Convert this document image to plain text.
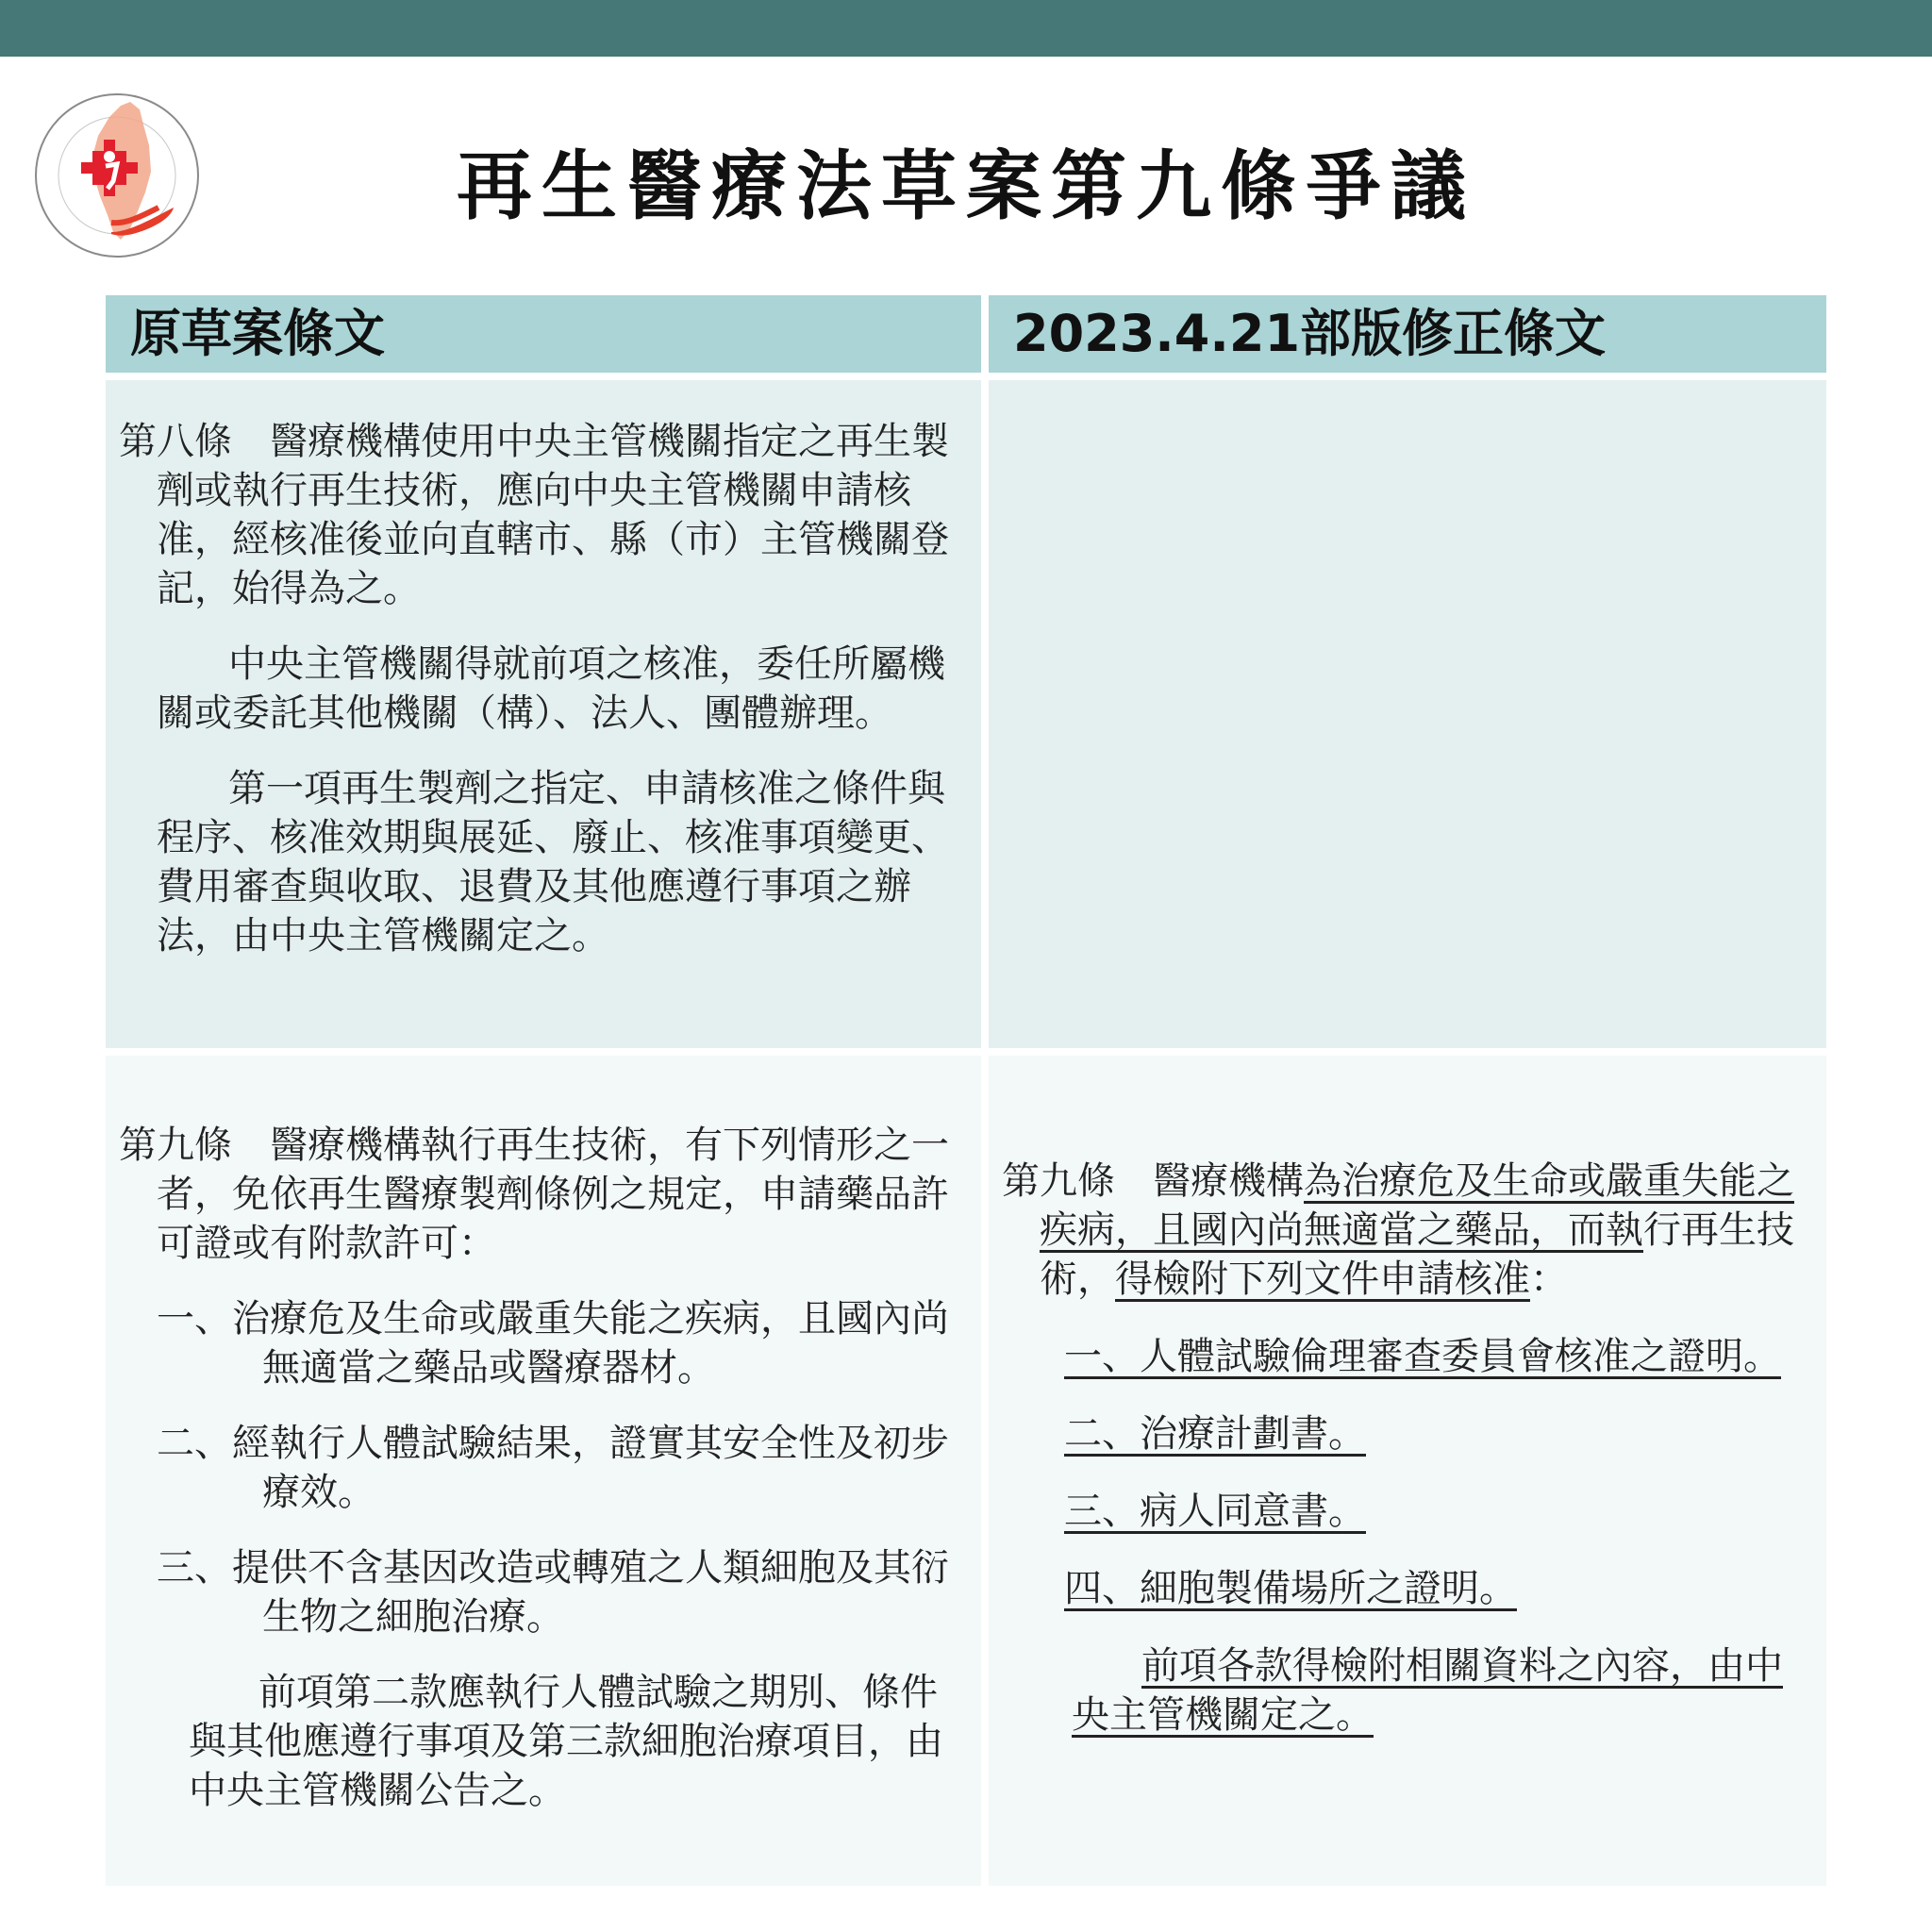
再生醫療法草案第九條爭議
原草案條文	2023.4.21部版修正條文

第八條　醫療機構使用中央主管機關指定之再生製劑或執行再生技術，應向中央主管機關申請核准，經核准後並向直轄市、縣（市）主管機關登記，始得為之。

中央主管機關得就前項之核准，委任所屬機關或委託其他機關（構）、法人、團體辦理。

第一項再生製劑之指定、申請核准之條件與程序、核准效期與展延、廢止、核准事項變更、費用審查與收取、退費及其他應遵行事項之辦法，由中央主管機關定之。

第九條　醫療機構執行再生技術，有下列情形之一者，免依再生醫療製劑條例之規定，申請藥品許可證或有附款許可：

一、治療危及生命或嚴重失能之疾病，且國內尚無適當之藥品或醫療器材。

二、經執行人體試驗結果，證實其安全性及初步療效。

三、提供不含基因改造或轉殖之人類細胞及其衍生物之細胞治療。

前項第二款應執行人體試驗之期別、條件與其他應遵行事項及第三款細胞治療項目，由中央主管機關公告之。

第九條　醫療機構為治療危及生命或嚴重失能之疾病，且國內尚無適當之藥品，而執行再生技術，得檢附下列文件申請核准：

一、人體試驗倫理審查委員會核准之證明。

二、治療計劃書。

三、病人同意書。

四、細胞製備場所之證明。

前項各款得檢附相關資料之內容，由中央主管機關定之。
